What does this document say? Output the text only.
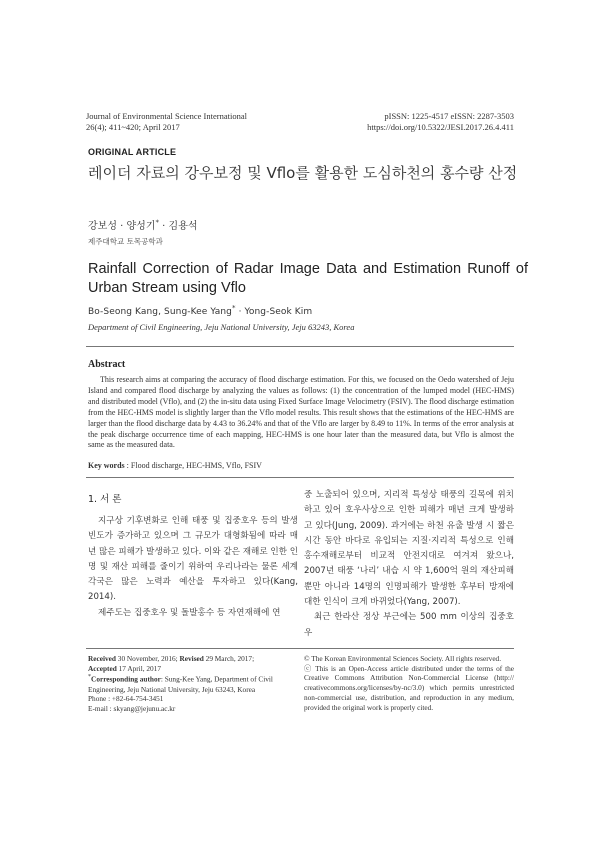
Journal of Environmental Science International
26(4); 411~420; April 2017
pISSN: 1225-4517 eISSN: 2287-3503
https://doi.org/10.5322/JESI.2017.26.4.411
ORIGINAL ARTICLE
레이더 자료의 강우보정 및 Vflo를 활용한 도심하천의 홍수량 산정
강보성 · 양성기* · 김용석
제주대학교 토목공학과
Rainfall Correction of Radar Image Data and Estimation Runoff of Urban Stream using Vflo
Bo-Seong Kang, Sung-Kee Yang* · Yong-Seok Kim
Department of Civil Engineering, Jeju National University, Jeju 63243, Korea
Abstract
This research aims at comparing the accuracy of flood discharge estimation. For this, we focused on the Oedo watershed of Jeju Island and compared flood discharge by analyzing the values as follows: (1) the concentration of the lumped model (HEC-HMS) and distributed model (Vflo), and (2) the in-situ data using Fixed Surface Image Velocimetry (FSIV). The flood discharge estimation from the HEC-HMS model is slightly larger than the Vflo model results. This result shows that the estimations of the HEC-HMS are larger than the flood discharge data by 4.43 to 36.24% and that of the Vflo are larger by 8.49 to 11%. In terms of the error analysis at the peak discharge occurrence time of each mapping, HEC-HMS is one hour later than the measured data, but Vflo is almost the same as the measured data.
Key words : Flood discharge, HEC-HMS, Vflo, FSIV
1. 서 론

지구상 기후변화로 인해 태풍 및 집중호우 등의 발생빈도가 증가하고 있으며 그 규모가 대형화됨에 따라 매년 많은 피해가 발생하고 있다. 이와 같은 재해로 인한 인명 및 재산 피해를 줄이기 위하여 우리나라는 물론 세계 각국은 많은 노력과 예산을 투자하고 있다(Kang, 2014).

제주도는 집중호우 및 돌발홍수 등 자연재해에 연

중 노출되어 있으며, 지리적 특성상 태풍의 길목에 위치하고 있어 호우사상으로 인한 피해가 매년 크게 발생하고 있다(Jung, 2009). 과거에는 하천 유출 발생 시 짧은 시간 동안 바다로 유입되는 지질·지리적 특성으로 인해 홍수재해로부터 비교적 안전지대로 여겨져 왔으나, 2007년 태풍 ‘나리’ 내습 시 약 1,600억 원의 재산피해 뿐만 아니라 14명의 인명피해가 발생한 후부터 방재에 대한 인식이 크게 바뀌었다(Yang, 2007).

최근 한라산 정상 부근에는 500 mm 이상의 집중호우

Received 30 November, 2016; Revised 29 March, 2017;
Accepted 17 April, 2017
*Corresponding author: Sung-Kee Yang, Department of Civil Engineering, Jeju National University, Jeju 63243, Korea
Phone : +82-64-754-3451
E-mail : skyang@jejunu.ac.kr
© The Korean Environmental Sciences Society. All rights reserved.
ⓒ This is an Open-Access article distributed under the terms of the Creative Commons Attribution Non-Commercial License (http:// creativecommons.org/licenses/by-nc/3.0) which permits unrestricted non-commercial use, distribution, and reproduction in any medium, provided the original work is properly cited.
